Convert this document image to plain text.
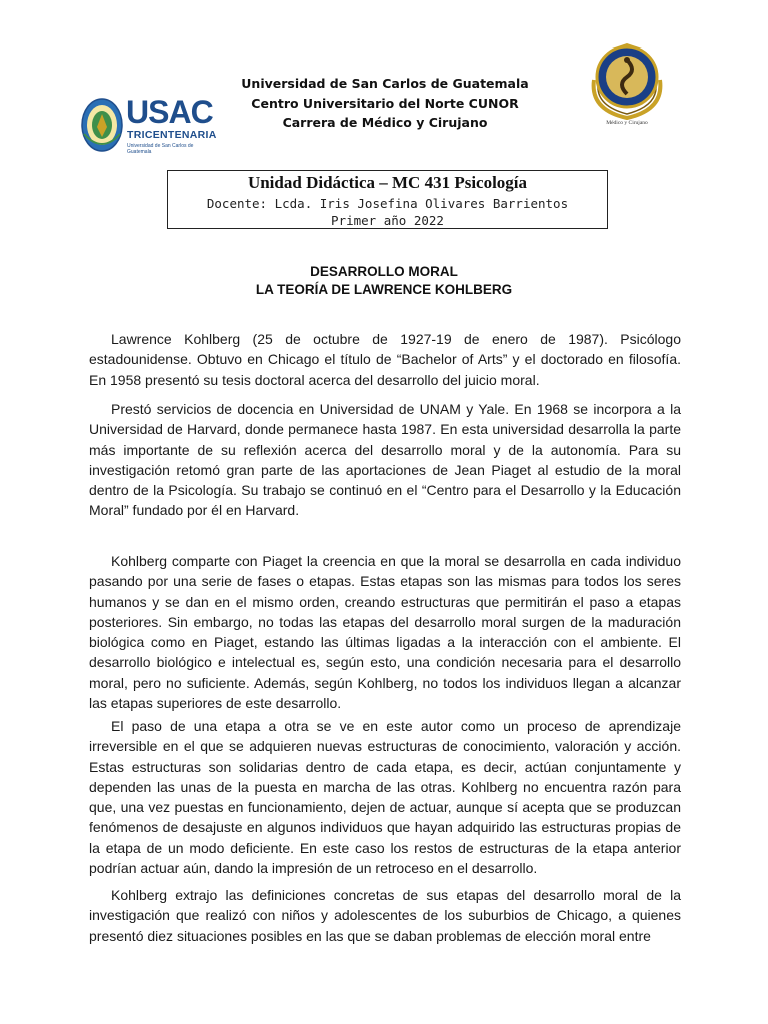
USAC
TRICENTENARIA
Universidad de San Carlos de Guatemala
Universidad de San Carlos de Guatemala
Centro Universitario del Norte CUNOR
Carrera de Médico y Cirujano	Médico y Cirujano
Unidad Didáctica – MC 431 Psicología
Docente: Lcda. Iris Josefina Olivares Barrientos
Primer año 2022
DESARROLLO MORAL
LA TEORÍA DE LAWRENCE KOHLBERG

Lawrence Kohlberg (25 de octubre de 1927-19 de enero de 1987). Psicólogo estadounidense. Obtuvo en Chicago el título de “Bachelor of Arts” y el doctorado en filosofía. En 1958 presentó su tesis doctoral acerca del desarrollo del juicio moral.

Prestó servicios de docencia en Universidad de UNAM y Yale. En 1968 se incorpora a la Universidad de Harvard, donde permanece hasta 1987. En esta universidad desarrolla la parte más importante de su reflexión acerca del desarrollo moral y de la autonomía. Para su investigación retomó gran parte de las aportaciones de Jean Piaget al estudio de la moral dentro de la Psicología. Su trabajo se continuó en el “Centro para el Desarrollo y la Educación Moral” fundado por él en Harvard.

Kohlberg comparte con Piaget la creencia en que la moral se desarrolla en cada individuo pasando por una serie de fases o etapas. Estas etapas son las mismas para todos los seres humanos y se dan en el mismo orden, creando estructuras que permitirán el paso a etapas posteriores. Sin embargo, no todas las etapas del desarrollo moral surgen de la maduración biológica como en Piaget, estando las últimas ligadas a la interacción con el ambiente. El desarrollo biológico e intelectual es, según esto, una condición necesaria para el desarrollo moral, pero no suficiente. Además, según Kohlberg, no todos los individuos llegan a alcanzar las etapas superiores de este desarrollo.

El paso de una etapa a otra se ve en este autor como un proceso de aprendizaje irreversible en el que se adquieren nuevas estructuras de conocimiento, valoración y acción. Estas estructuras son solidarias dentro de cada etapa, es decir, actúan conjuntamente y dependen las unas de la puesta en marcha de las otras. Kohlberg no encuentra razón para que, una vez puestas en funcionamiento, dejen de actuar, aunque sí acepta que se produzcan fenómenos de desajuste en algunos individuos que hayan adquirido las estructuras propias de la etapa de un modo deficiente. En este caso los restos de estructuras de la etapa anterior podrían actuar aún, dando la impresión de un retroceso en el desarrollo.

Kohlberg extrajo las definiciones concretas de sus etapas del desarrollo moral de la investigación que realizó con niños y adolescentes de los suburbios de Chicago, a quienes presentó diez situaciones posibles en las que se daban problemas de elección moral entre
